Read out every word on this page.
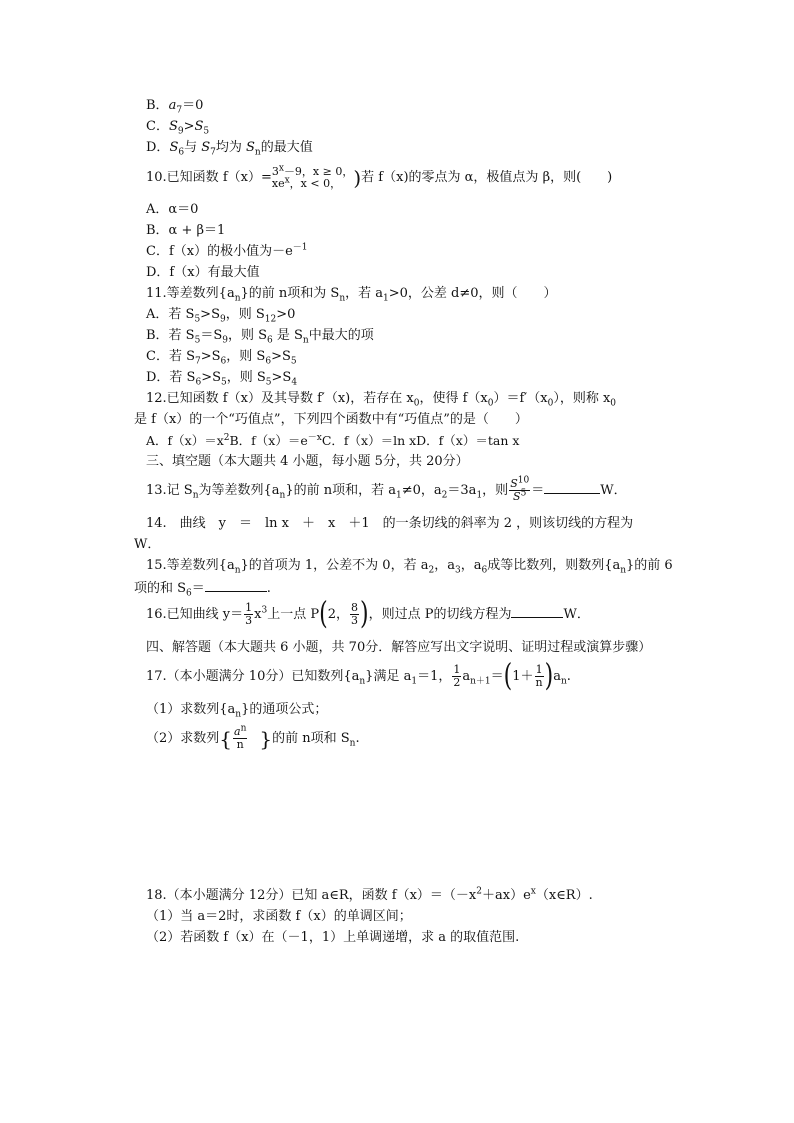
B．$a_7=0$
C．$S_9>S_5$
D．$S_6$与 $S_7$均为 $S_n$的最大值
10.已知函数 $f(x)= 3^x-9$，x ≥ 0，
$xe^x$，x < 0， )若 f（x)的零点为 α，极值点为 β，则(　　)
A．α＝0
B．α + β＝1
C．f（x）的极小值为$-e^{-1}$
D．f（x）有最大值
11.等差数列$\{a_n\}$的前 n项和为 $S_n$，若 $a_1>0$，公差 d≠0，则（　　）
A．若 $S_5>S_9$，则 $S_{12}>0$
B．若 $S_5=S_9$，则 $S_6$ 是 $S_n$中最大的项
C．若 $S_7>S_6$，则 $S_6>S_5$
D．若 $S_6>S_5$，则 $S_5>S_4$
12.已知函数 f（x）及其导数 f′（x)，若存在 $x_0$，使得 $f(x_0)=f'(x_0)$，则称 $x_0$
是 f（x）的一个“巧值点”，下列四个函数中有“巧值点”的是（　　）
A．$f(x)=x^2B$．$f(x)=e^{-x}C$．f（x）＝ln xD．f（x）＝tan x
三、填空题（本大题共 4 小题，每小题 5分，共 20分）
13.记 $S_n$为等差数列$\{a_n\}$的前 n项和，若 $a_1\ne 0$，$a_2=3a_1$，则 $\frac{S^{10}}{S^5}$ ＝	W．
14.　曲线　y　＝　ln x　＋　x　＋1　的一条切线的斜率为 2 ，则该切线的方程为
W．
15.等差数列$\{a_n\}$的首项为 1，公差不为 0，若 $a_2$，$a_3$，$a_6$成等比数列，则数列$\{a_n\}$的前 6
项的和 $S_6=$	.
16.已知曲线 $y= \frac{1}{3} x^3$上一点 P(2， $\frac{8}{3}$ )，则过点 P的切线方程为	W．
四、解答题（本大题共 6 小题，共 70分．解答应写出文字说明、证明过程或演算步骤）
17.（本小题满分 10分）已知数列$\{a_n\}$满足 $a_1=1$， $\frac{1}{2} a_{n+1}=(1+ \frac{1}{n} )a_n$.
（1）求数列$\{a_n\}$的通项公式；
（2）求数列{ $\frac{a^n}{n}$ }的前 n项和 $S_n$.
18.（本小题满分 12分）已知 a∈R，函数 $f(x)=(-x^2+ax)e^x(x\in R)$.
（1）当 a＝2时，求函数 f（x）的单调区间；
（2）若函数 f（x）在（－1，1）上单调递增，求 a 的取值范围.
